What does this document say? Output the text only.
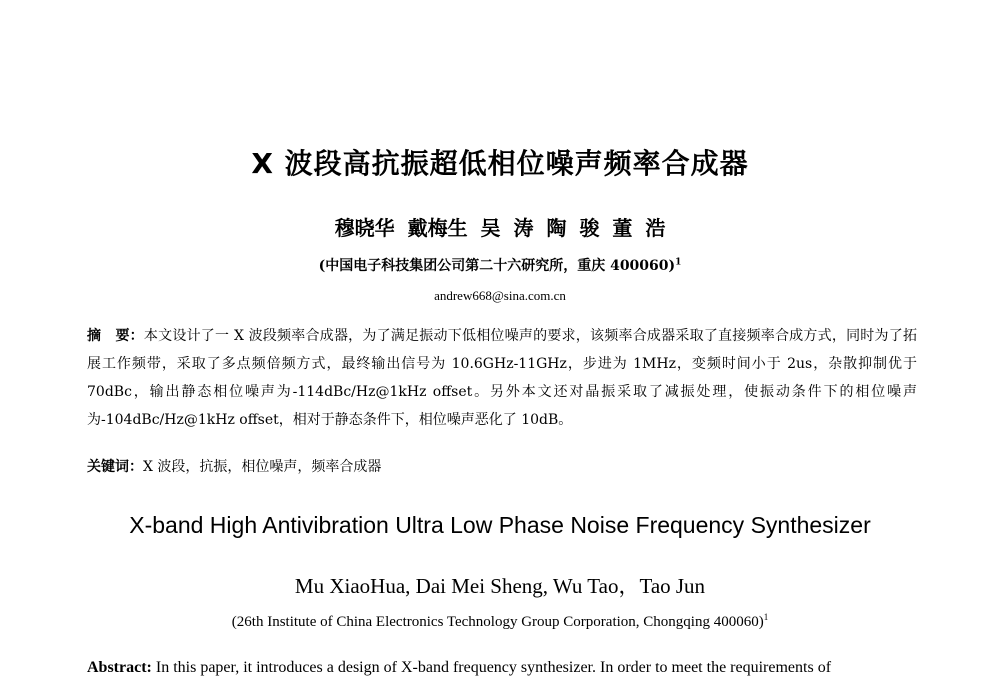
X 波段高抗振超低相位噪声频率合成器
穆晓华 戴梅生 吴 涛 陶 骏 董 浩
(中国电子科技集团公司第二十六研究所，重庆 400060)$^1$
andrew668@sina.com.cn
摘　要：本文设计了一 X 波段频率合成器，为了满足振动下低相位噪声的要求，该频率合成器采取了直接频率合成方式，同时为了拓展工作频带，采取了多点频倍频方式，最终输出信号为 10.6GHz-11GHz，步进为 1MHz，变频时间小于 2us，杂散抑制优于 70dBc，输出静态相位噪声为-114dBc/Hz@1kHz offset。另外本文还对晶振采取了减振处理，使振动条件下的相位噪声为-104dBc/Hz@1kHz offset，相对于静态条件下，相位噪声恶化了 10dB。
关键词：X 波段，抗振，相位噪声，频率合成器
X-band High Antivibration Ultra Low Phase Noise Frequency Synthesizer
Mu XiaoHua, Dai Mei Sheng, Wu Tao，Tao Jun
(26th Institute of China Electronics Technology Group Corporation, Chongqing 400060)$^1$
Abstract: In this paper, it introduces a design of X-band frequency synthesizer. In order to meet the requirements of
